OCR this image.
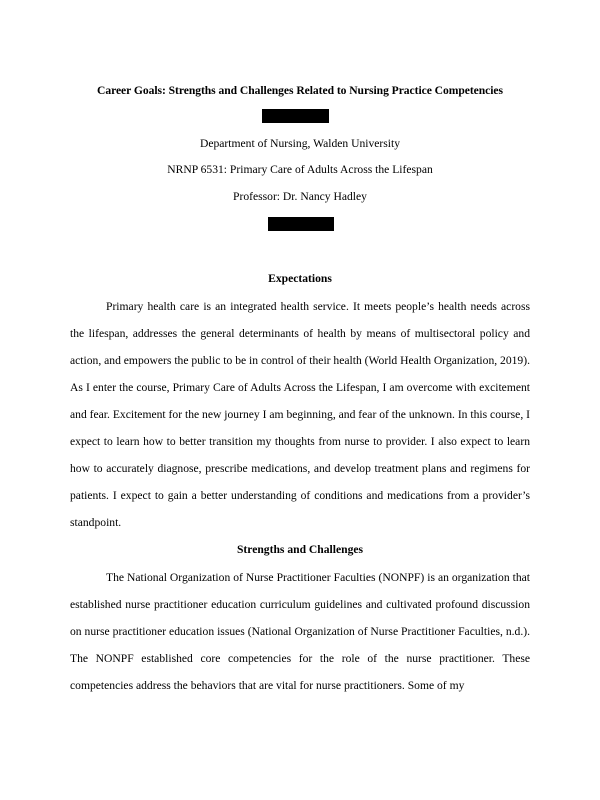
Career Goals: Strengths and Challenges Related to Nursing Practice Competencies
Department of Nursing, Walden University
NRNP 6531: Primary Care of Adults Across the Lifespan
Professor: Dr. Nancy Hadley
Expectations

Primary health care is an integrated health service. It meets people’s health needs across the lifespan, addresses the general determinants of health by means of multisectoral policy and action, and empowers the public to be in control of their health (World Health Organization, 2019). As I enter the course, Primary Care of Adults Across the Lifespan, I am overcome with excitement and fear. Excitement for the new journey I am beginning, and fear of the unknown. In this course, I expect to learn how to better transition my thoughts from nurse to provider. I also expect to learn how to accurately diagnose, prescribe medications, and develop treatment plans and regimens for patients. I expect to gain a better understanding of conditions and medications from a provider’s standpoint.

Strengths and Challenges

The National Organization of Nurse Practitioner Faculties (NONPF) is an organization that established nurse practitioner education curriculum guidelines and cultivated profound discussion on nurse practitioner education issues (National Organization of Nurse Practitioner Faculties, n.d.). The NONPF established core competencies for the role of the nurse practitioner. These competencies address the behaviors that are vital for nurse practitioners. Some of my
